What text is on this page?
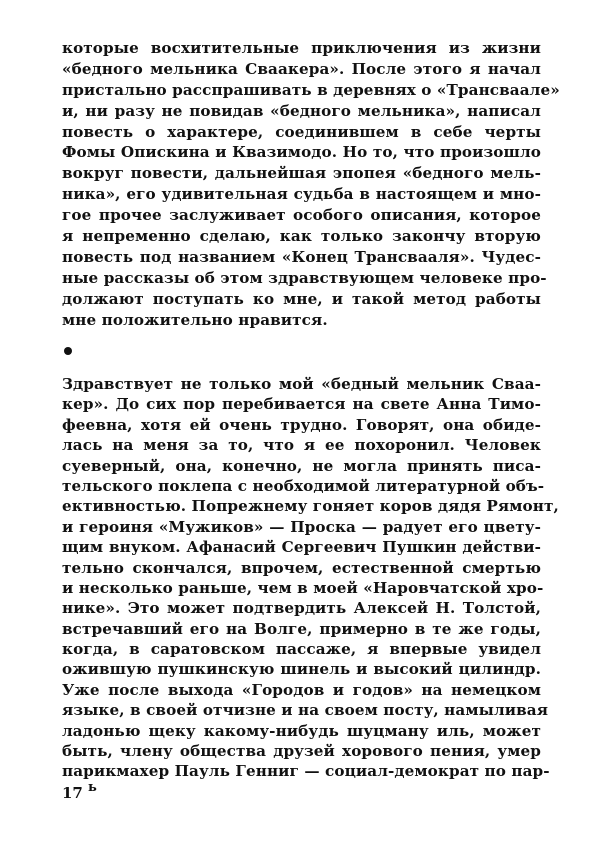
которые восхитительные приключения из жизни
«бедного мельника Сваакера». После этого я начал
пристально расспрашивать в деревнях о «Трансваале»
и, ни разу не повидав «бедного мельника», написал
повесть о характере, соединившем в себе черты
Фомы Опискина и Квазимодо. Но то, что произошло
вокруг повести, дальнейшая эпопея «бедного мель-
ника», его удивительная судьба в настоящем и мно-
гое прочее заслуживает особого описания, которое
я непременно сделаю, как только закончу вторую
повесть под названием «Конец Трансвааля». Чудес-
ные рассказы об этом здравствующем человеке про-
должают поступать ко мне, и такой метод работы
мне положительно нравится.
Здравствует не только мой «бедный мельник Сваа-
кер». До сих пор перебивается на свете Анна Тимо-
феевна, хотя ей очень трудно. Говорят, она обиде-
лась на меня за то, что я ее похоронил. Человек
суеверный, она, конечно, не могла принять писа-
тельского поклепа с необходимой литературной объ-
ективностью. Попрежнему гоняет коров дядя Рямонт,
и героиня «Мужиков» — Проска — радует его цвету-
щим внуком. Афанасий Сергеевич Пушкин действи-
тельно скончался, впрочем, естественной смертью
и несколько раньше, чем в моей «Наровчатской хро-
нике». Это может подтвердить Алексей Н. Толстой,
встречавший его на Волге, примерно в те же годы,
когда, в саратовском пассаже, я впервые увидел
ожившую пушкинскую шинель и высокий цилиндр.
Уже после выхода «Городов и годов» на немецком
языке, в своей отчизне и на своем посту, намыливая
ладонью щеку какому-нибудь шуцману иль, может
быть, члену общества друзей хорового пения, умер
парикмахер Пауль Генниг — социал-демократ по пар-
17 ь
